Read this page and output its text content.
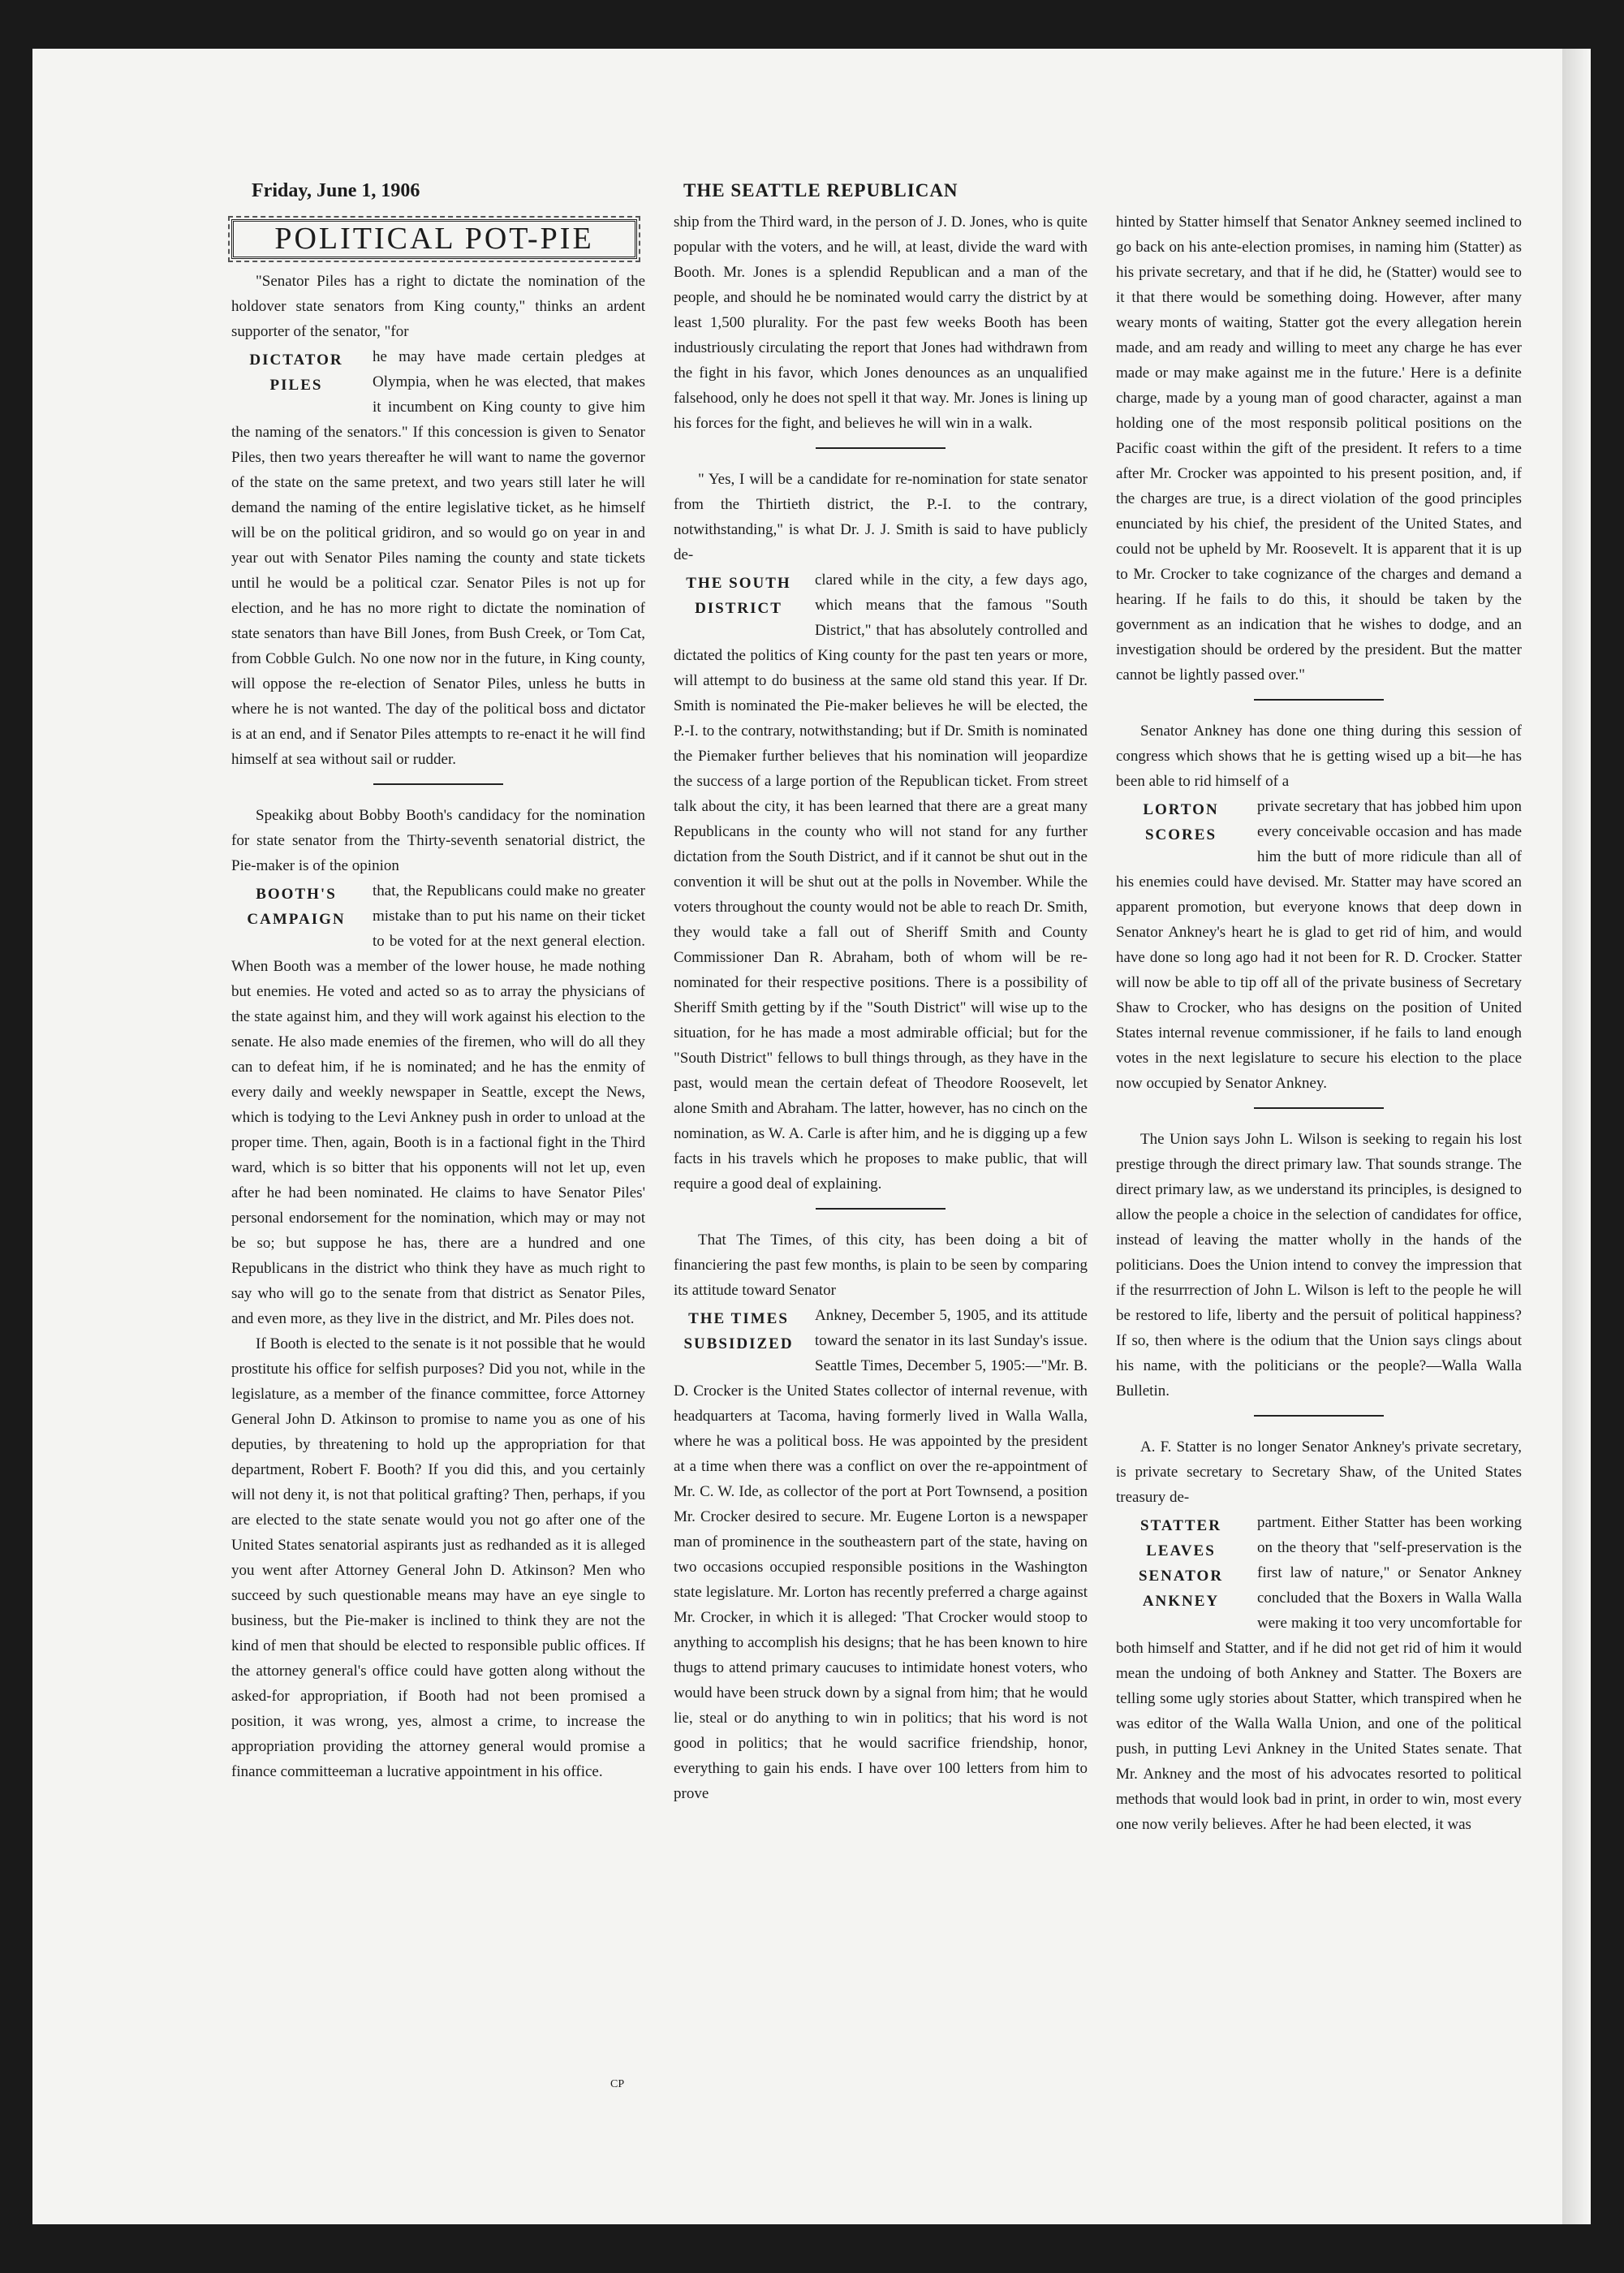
Friday, June 1, 1906	THE SEATTLE REPUBLICAN
POLITICAL POT-PIE

"Senator Piles has a right to dictate the nomination of the holdover state senators from King county," thinks an ardent supporter of the senator, "for

DICTATOR PILES

he may have made certain pledges at Olympia, when he was elected, that makes it incumbent on King county to give him the naming of the senators." If this concession is given to Senator Piles, then two years thereafter he will want to name the governor of the state on the same pretext, and two years still later he will demand the naming of the entire legislative ticket, as he himself will be on the political gridiron, and so would go on year in and year out with Senator Piles naming the county and state tickets until he would be a political czar. Senator Piles is not up for election, and he has no more right to dictate the nomination of state senators than have Bill Jones, from Bush Creek, or Tom Cat, from Cobble Gulch. No one now nor in the future, in King county, will oppose the re-election of Senator Piles, unless he butts in where he is not wanted. The day of the political boss and dictator is at an end, and if Senator Piles attempts to re-enact it he will find himself at sea without sail or rudder.

Speakikg about Bobby Booth's candidacy for the nomination for state senator from the Thirty-seventh senatorial district, the Pie-maker is of the opinion

BOOTH'S CAMPAIGN

that, the Republicans could make no greater mistake than to put his name on their ticket to be voted for at the next general election. When Booth was a member of the lower house, he made nothing but enemies. He voted and acted so as to array the physicians of the state against him, and they will work against his election to the senate. He also made enemies of the firemen, who will do all they can to defeat him, if he is nominated; and he has the enmity of every daily and weekly newspaper in Seattle, except the News, which is todying to the Levi Ankney push in order to unload at the proper time. Then, again, Booth is in a factional fight in the Third ward, which is so bitter that his opponents will not let up, even after he had been nominated. He claims to have Senator Piles' personal endorsement for the nomination, which may or may not be so; but suppose he has, there are a hundred and one Republicans in the district who think they have as much right to say who will go to the senate from that district as Senator Piles, and even more, as they live in the district, and Mr. Piles does not.

If Booth is elected to the senate is it not possible that he would prostitute his office for selfish purposes? Did you not, while in the legislature, as a member of the finance committee, force Attorney General John D. Atkinson to promise to name you as one of his deputies, by threatening to hold up the appropriation for that department, Robert F. Booth? If you did this, and you certainly will not deny it, is not that political grafting? Then, perhaps, if you are elected to the state senate would you not go after one of the United States senatorial aspirants just as redhanded as it is alleged you went after Attorney General John D. Atkinson? Men who succeed by such questionable means may have an eye single to business, but the Pie-maker is inclined to think they are not the kind of men that should be elected to responsible public offices. If the attorney general's office could have gotten along without the asked-for appropriation, if Booth had not been promised a position, it was wrong, yes, almost a crime, to increase the appropriation providing the attorney general would promise a finance committeeman a lucrative appointment in his office.

CP

ship from the Third ward, in the person of J. D. Jones, who is quite popular with the voters, and he will, at least, divide the ward with Booth. Mr. Jones is a splendid Republican and a man of the people, and should he be nominated would carry the district by at least 1,500 plurality. For the past few weeks Booth has been industriously circulating the report that Jones had withdrawn from the fight in his favor, which Jones denounces as an unqualified falsehood, only he does not spell it that way. Mr. Jones is lining up his forces for the fight, and believes he will win in a walk.

" Yes, I will be a candidate for re-nomination for state senator from the Thirtieth district, the P.-I. to the contrary, notwithstanding," is what Dr. J. J. Smith is said to have publicly de-

THE SOUTH DISTRICT

clared while in the city, a few days ago, which means that the famous "South District," that has absolutely controlled and dictated the politics of King county for the past ten years or more, will attempt to do business at the same old stand this year. If Dr. Smith is nominated the Pie-maker believes he will be elected, the P.-I. to the contrary, notwithstanding; but if Dr. Smith is nominated the Piemaker further believes that his nomination will jeopardize the success of a large portion of the Republican ticket. From street talk about the city, it has been learned that there are a great many Republicans in the county who will not stand for any further dictation from the South District, and if it cannot be shut out in the convention it will be shut out at the polls in November. While the voters throughout the county would not be able to reach Dr. Smith, they would take a fall out of Sheriff Smith and County Commissioner Dan R. Abraham, both of whom will be re-nominated for their respective positions. There is a possibility of Sheriff Smith getting by if the "South District" will wise up to the situation, for he has made a most admirable official; but for the "South District" fellows to bull things through, as they have in the past, would mean the certain defeat of Theodore Roosevelt, let alone Smith and Abraham. The latter, however, has no cinch on the nomination, as W. A. Carle is after him, and he is digging up a few facts in his travels which he proposes to make public, that will require a good deal of explaining.

That The Times, of this city, has been doing a bit of financiering the past few months, is plain to be seen by comparing its attitude toward Senator

THE TIMES SUBSIDIZED

Ankney, December 5, 1905, and its attitude toward the senator in its last Sunday's issue. Seattle Times, December 5, 1905:—"Mr. B. D. Crocker is the United States collector of internal revenue, with headquarters at Tacoma, having formerly lived in Walla Walla, where he was a political boss. He was appointed by the president at a time when there was a conflict on over the re-appointment of Mr. C. W. Ide, as collector of the port at Port Townsend, a position Mr. Crocker desired to secure. Mr. Eugene Lorton is a newspaper man of prominence in the southeastern part of the state, having on two occasions occupied responsible positions in the Washington state legislature. Mr. Lorton has recently preferred a charge against Mr. Crocker, in which it is alleged: 'That Crocker would stoop to anything to accomplish his designs; that he has been known to hire thugs to attend primary caucuses to intimidate honest voters, who would have been struck down by a signal from him; that he would lie, steal or do anything to win in politics; that his word is not good in politics; that he would sacrifice friendship, honor, everything to gain his ends. I have over 100 letters from him to prove

hinted by Statter himself that Senator Ankney seemed inclined to go back on his ante-election promises, in naming him (Statter) as his private secretary, and that if he did, he (Statter) would see to it that there would be something doing. However, after many weary monts of waiting, Statter got the every allegation herein made, and am ready and willing to meet any charge he has ever made or may make against me in the future.' Here is a definite charge, made by a young man of good character, against a man holding one of the most responsib political positions on the Pacific coast within the gift of the president. It refers to a time after Mr. Crocker was appointed to his present position, and, if the charges are true, is a direct violation of the good principles enunciated by his chief, the president of the United States, and could not be upheld by Mr. Roosevelt. It is apparent that it is up to Mr. Crocker to take cognizance of the charges and demand a hearing. If he fails to do this, it should be taken by the government as an indication that he wishes to dodge, and an investigation should be ordered by the president. But the matter cannot be lightly passed over."

Senator Ankney has done one thing during this session of congress which shows that he is getting wised up a bit—he has been able to rid himself of a

LORTON SCORES

private secretary that has jobbed him upon every conceivable occasion and has made him the butt of more ridicule than all of his enemies could have devised. Mr. Statter may have scored an apparent promotion, but everyone knows that deep down in Senator Ankney's heart he is glad to get rid of him, and would have done so long ago had it not been for R. D. Crocker. Statter will now be able to tip off all of the private business of Secretary Shaw to Crocker, who has designs on the position of United States internal revenue commissioner, if he fails to land enough votes in the next legislature to secure his election to the place now occupied by Senator Ankney.

The Union says John L. Wilson is seeking to regain his lost prestige through the direct primary law. That sounds strange. The direct primary law, as we understand its principles, is designed to allow the people a choice in the selection of candidates for office, instead of leaving the matter wholly in the hands of the politicians. Does the Union intend to convey the impression that if the resurrrection of John L. Wilson is left to the people he will be restored to life, liberty and the persuit of political happiness? If so, then where is the odium that the Union says clings about his name, with the politicians or the people?—Walla Walla Bulletin.

A. F. Statter is no longer Senator Ankney's private secretary, is private secretary to Secretary Shaw, of the United States treasury de-

STATTER LEAVES SENATOR ANKNEY

partment. Either Statter has been working on the theory that "self-preservation is the first law of nature," or Senator Ankney concluded that the Boxers in Walla Walla were making it too very uncomfortable for both himself and Statter, and if he did not get rid of him it would mean the undoing of both Ankney and Statter. The Boxers are telling some ugly stories about Statter, which transpired when he was editor of the Walla Walla Union, and one of the political push, in putting Levi Ankney in the United States senate. That Mr. Ankney and the most of his advocates resorted to political methods that would look bad in print, in order to win, most every one now verily believes. After he had been elected, it was
